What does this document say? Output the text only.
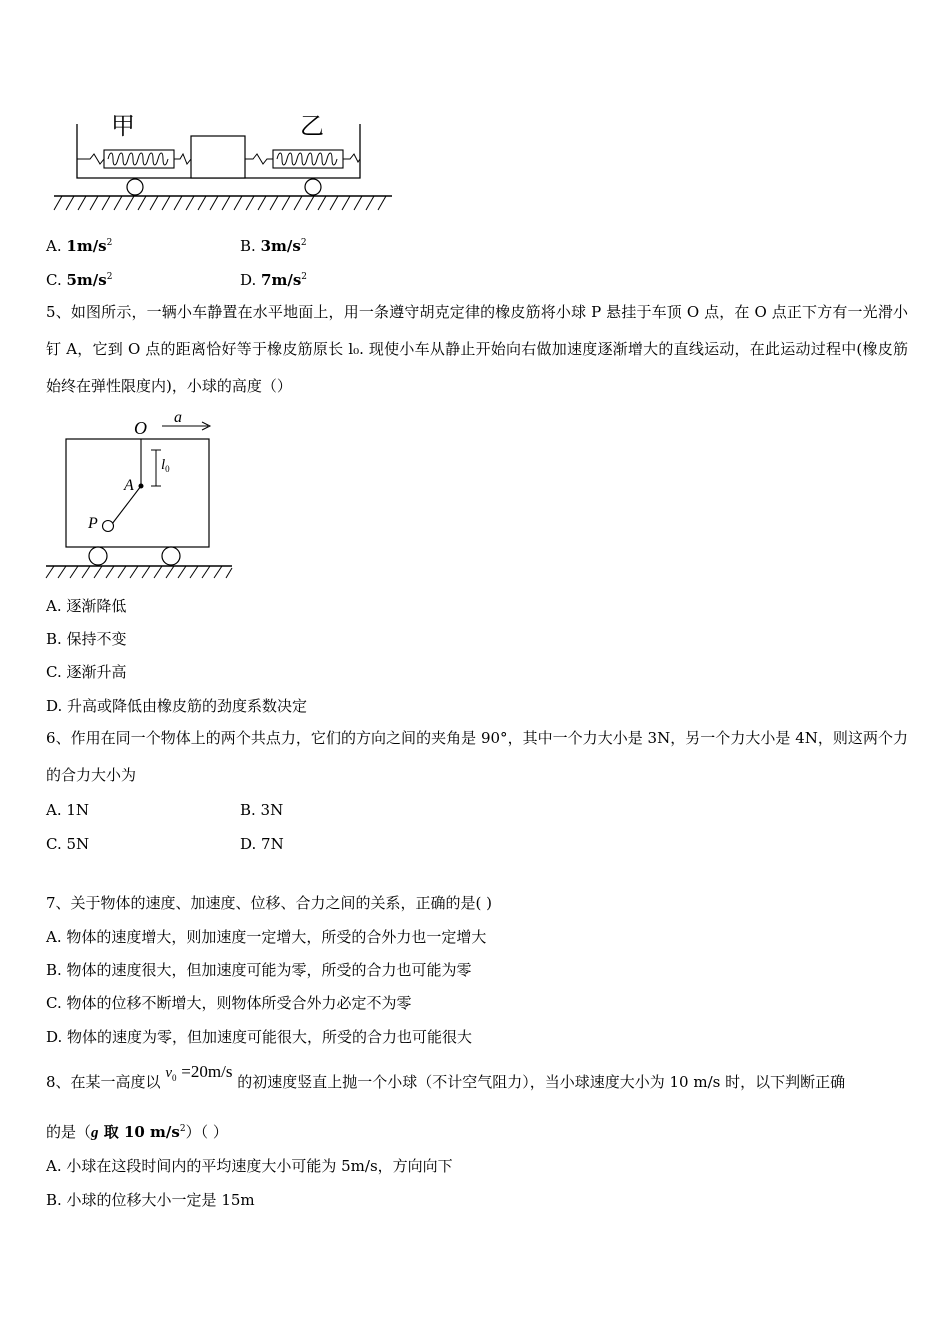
甲	乙
A. $1m/s^2$	B. $3m/s^2$
C. $5m/s^2$	D. $7m/s^2$
5、如图所示，一辆小车静置在水平地面上，用一条遵守胡克定律的橡皮筋将小球 P 悬挂于车顶 O 点，在 O 点正下方有一光滑小钉 A，它到 O 点的距离恰好等于橡皮筋原长 l₀. 现使小车从静止开始向右做加速度逐渐增大的直线运动，在此运动过程中(橡皮筋始终在弹性限度内)，小球的高度（）
O
a
$l_0$
A
P
A. 逐渐降低
B. 保持不变
C. 逐渐升高
D. 升高或降低由橡皮筋的劲度系数决定
6、作用在同一个物体上的两个共点力，它们的方向之间的夹角是 90°，其中一个力大小是 3N，另一个力大小是 4N，则这两个力的合力大小为
A. 1N	B. 3N
C. 5N	D. 7N
7、关于物体的速度、加速度、位移、合力之间的关系，正确的是( )
A. 物体的速度增大，则加速度一定增大，所受的合外力也一定增大
B. 物体的速度很大，但加速度可能为零，所受的合力也可能为零
C. 物体的位移不断增大，则物体所受合外力必定不为零
D. 物体的速度为零，但加速度可能很大，所受的合力也可能很大
8、在某一高度以 $v_0 =20m/s$ 的初速度竖直上抛一个小球（不计空气阻力），当小球速度大小为 10 m/s 时，以下判断正确
的是（g 取 10 $m/s^2$）（ ）
A. 小球在这段时间内的平均速度大小可能为 5m/s，方向向下
B. 小球的位移大小一定是 15m
